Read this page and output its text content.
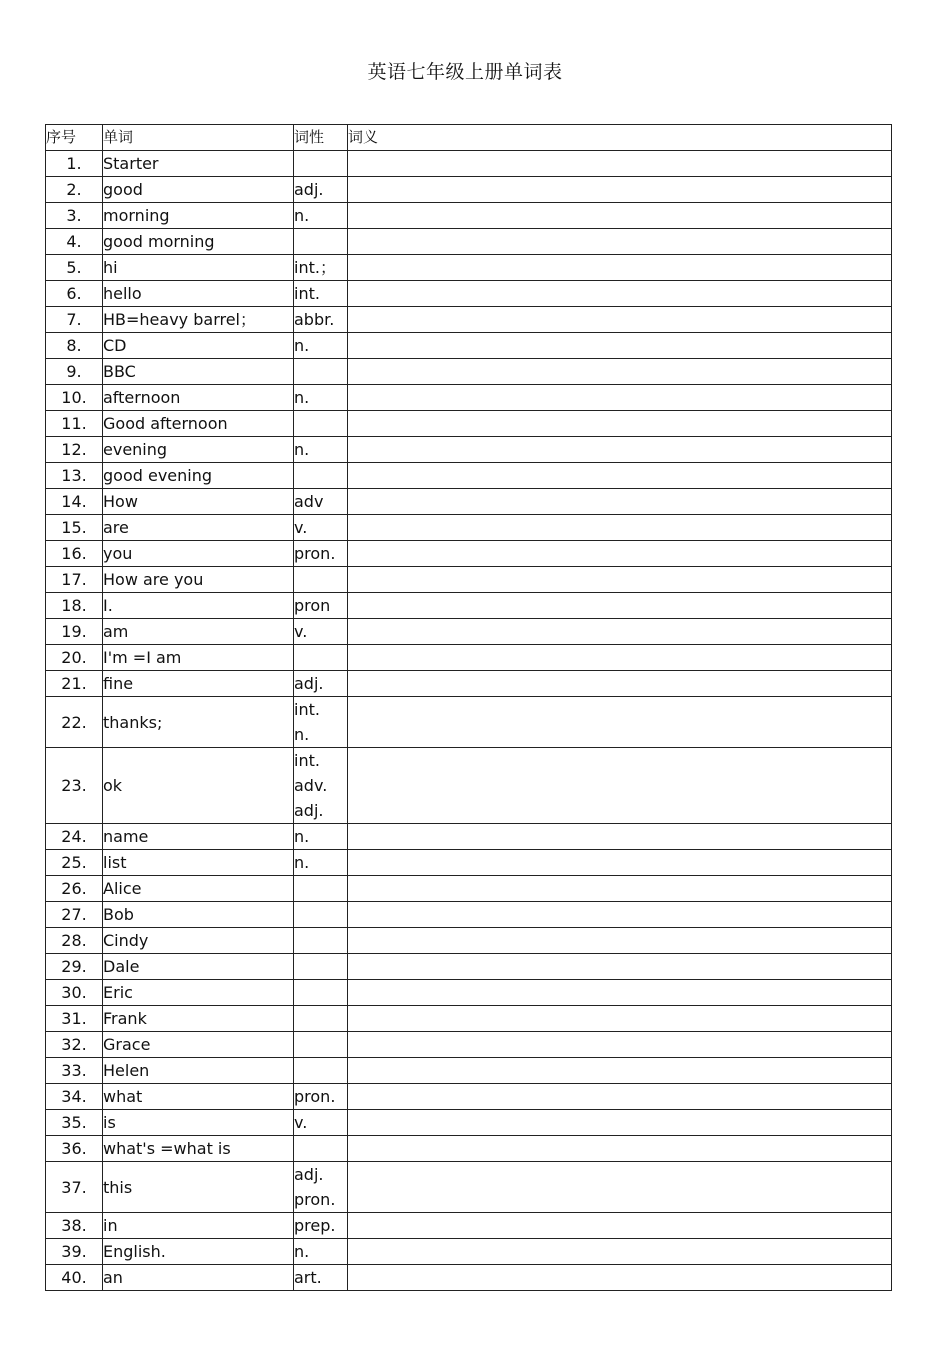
英语七年级上册单词表
序号	单词	词性	词义
1.	Starter		
2.	good	adj.	

3.	morning	n.	

4.	good morning		
5.	hi	int.；	

6.	hello	int.	

7.	HB=heavy barrel；	abbr.	

8.	CD	n.	

9.	BBC		
10.	afternoon	n.	

11.	Good afternoon		
12.	evening	n.	

13.	good evening		
14.	How	adv	

15.	are	v.	

16.	you	pron.	

17.	How are you		
18.	I.	pron	

19.	am	v.	

20.	I'm =I am		
21.	fine	adj.	

22.	thanks;	int.
n.	

23.	ok	int.
adv.
adj.	

24.	name	n.	

25.	list	n.	

26.	Alice		
27.	Bob		
28.	Cindy		
29.	Dale		
30.	Eric		
31.	Frank		
32.	Grace		
33.	Helen		
34.	what	pron.	

35.	is	v.	

36.	what's =what is		
37.	this	adj.
pron.	

38.	in	prep.	

39.	English.	n.	

40.	an	art.	
